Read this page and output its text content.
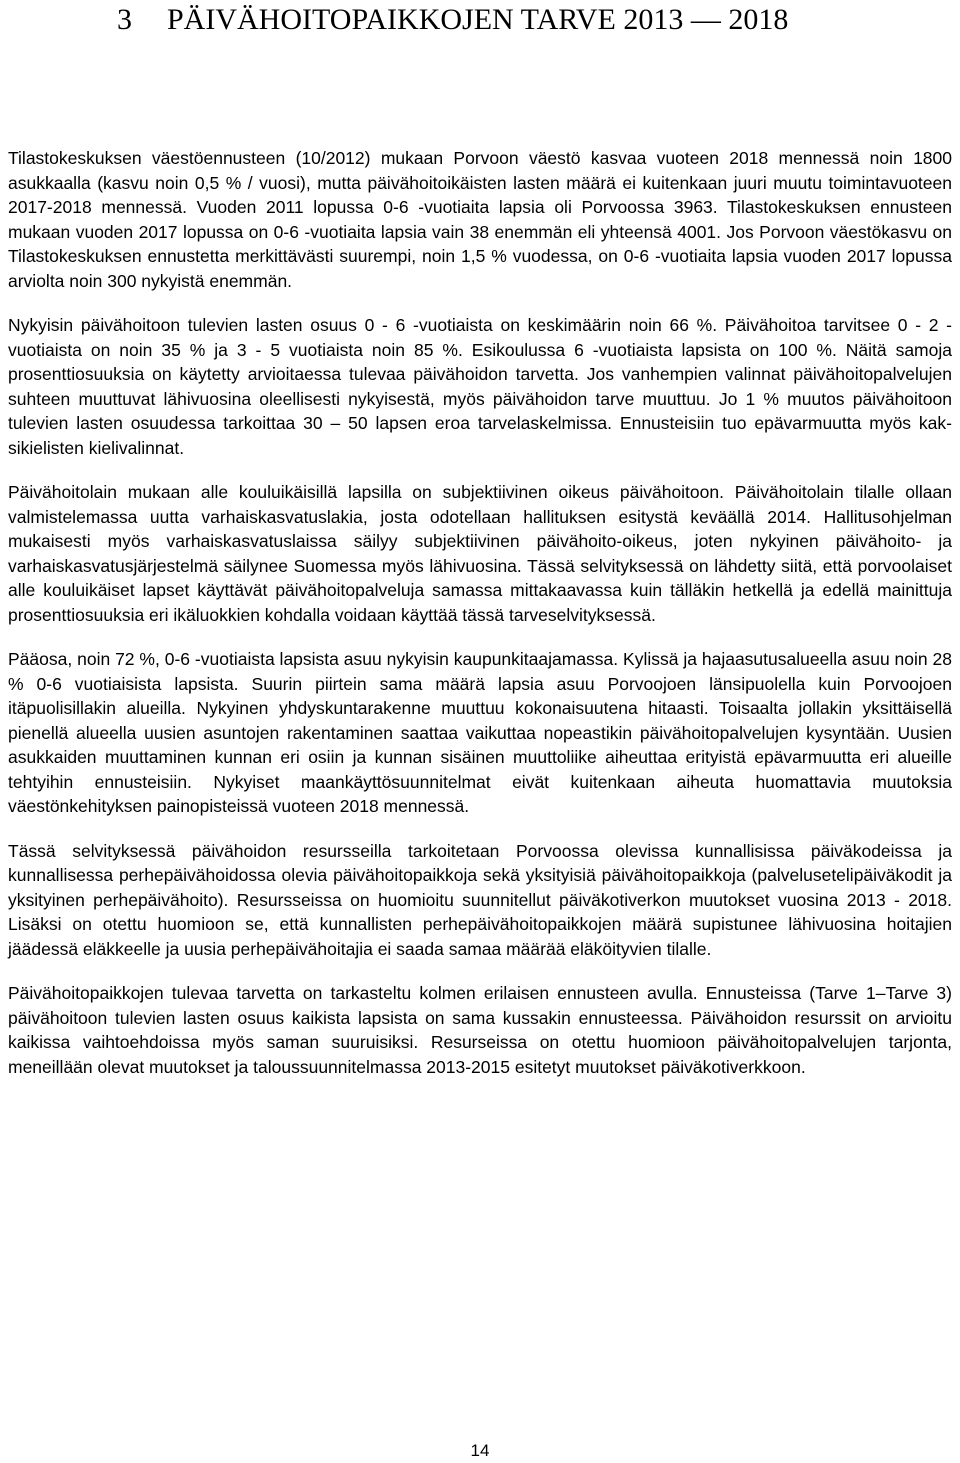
3 PÄIVÄHOITOPAIKKOJEN TARVE 2013 — 2018

Tilastokeskuksen väestöennusteen (10/2012) mukaan Porvoon väestö kasvaa vuoteen 2018 mennessä noin 1800 asukkaalla (kasvu noin 0,5 % / vuosi), mutta päivähoitoikäisten lasten määrä ei kuitenkaan juuri muutu toimintavuoteen 2017-2018 mennessä. Vuoden 2011 lopussa 0-6 -vuotiaita lapsia oli Porvoossa 3963. Tilastokeskuksen ennusteen mukaan vuoden 2017 lopussa on 0-6 -vuotiaita lapsia vain 38 enemmän eli yhteensä 4001. Jos Porvoon väestökasvu on Tilastokeskuksen ennustetta merkittävästi suurempi, noin 1,5 % vuodessa, on 0-6 -vuotiaita lapsia vuoden 2017 lopussa arviolta noin 300 nykyistä enemmän.

Nykyisin päivähoitoon tulevien lasten osuus 0 - 6 -vuotiaista on keskimäärin noin 66 %. Päivähoitoa tarvitsee 0 - 2 -vuotiaista on noin 35 % ja 3 - 5 vuotiaista noin 85 %. Esikoulussa 6 -vuotiaista lapsista on 100 %. Näitä samoja prosenttiosuuksia on käytetty arvioitaessa tulevaa päivähoidon tarvetta. Jos vanhempien valinnat päivähoitopalvelujen suhteen muuttuvat lähivuosina oleellisesti nykyisestä, myös päivähoidon tarve muuttuu. Jo 1 % muutos päivähoitoon tulevien lasten osuudessa tarkoittaa 30 – 50 lapsen eroa tarvelaskelmissa. Ennusteisiin tuo epävarmuutta myös kaksikielisten kielivalinnat.

Päivähoitolain mukaan alle kouluikäisillä lapsilla on subjektiivinen oikeus päivähoitoon. Päivähoitolain tilalle ollaan valmistelemassa uutta varhaiskasvatuslakia, josta odotellaan hallituksen esitystä keväällä 2014. Hallitusohjelman mukaisesti myös varhaiskasvatuslaissa säilyy subjektiivinen päivähoito-oikeus, joten nykyinen päivähoito- ja varhaiskasvatusjärjestelmä säilynee Suomessa myös lähivuosina. Tässä selvityksessä on lähdetty siitä, että porvoolaiset alle kouluikäiset lapset käyttävät päivähoitopalveluja samassa mittakaavassa kuin tälläkin hetkellä ja edellä mainittuja prosenttiosuuksia eri ikäluokkien kohdalla voidaan käyttää tässä tarveselvityksessä.

Pääosa, noin 72 %, 0-6 -vuotiaista lapsista asuu nykyisin kaupunkitaajamassa. Kylissä ja hajaasutusalueella asuu noin 28 % 0-6 vuotiaisista lapsista. Suurin piirtein sama määrä lapsia asuu Porvoojoen länsipuolella kuin Porvoojoen itäpuolisillakin alueilla. Nykyinen yhdyskuntarakenne muuttuu kokonaisuutena hitaasti. Toisaalta jollakin yksittäisellä pienellä alueella uusien asuntojen rakentaminen saattaa vaikuttaa nopeastikin päivähoitopalvelujen kysyntään. Uusien asukkaiden muuttaminen kunnan eri osiin ja kunnan sisäinen muuttoliike aiheuttaa erityistä epävarmuutta eri alueille tehtyihin ennusteisiin. Nykyiset maankäyttösuunnitelmat eivät kuitenkaan aiheuta huomattavia muutoksia väestönkehityksen painopisteissä vuoteen 2018 mennessä.

Tässä selvityksessä päivähoidon resursseilla tarkoitetaan Porvoossa olevissa kunnallisissa päiväkodeissa ja kunnallisessa perhepäivähoidossa olevia päivähoitopaikkoja sekä yksityisiä päivähoitopaikkoja (palvelusetelipäiväkodit ja yksityinen perhepäivähoito). Resursseissa on huomioitu suunnitellut päiväkotiverkon muutokset vuosina 2013 - 2018. Lisäksi on otettu huomioon se, että kunnallisten perhepäivähoitopaikkojen määrä supistunee lähivuosina hoitajien jäädessä eläkkeelle ja uusia perhepäivähoitajia ei saada samaa määrää eläköityvien tilalle.

Päivähoitopaikkojen tulevaa tarvetta on tarkasteltu kolmen erilaisen ennusteen avulla. Ennusteissa (Tarve 1–Tarve 3) päivähoitoon tulevien lasten osuus kaikista lapsista on sama kussakin ennusteessa. Päivähoidon resurssit on arvioitu kaikissa vaihtoehdoissa myös saman suuruisiksi. Resurseissa on otettu huomioon päivähoitopalvelujen tarjonta, meneillään olevat muutokset ja taloussuunnitelmassa 2013-2015 esitetyt muutokset päiväkotiverkkoon.

14
